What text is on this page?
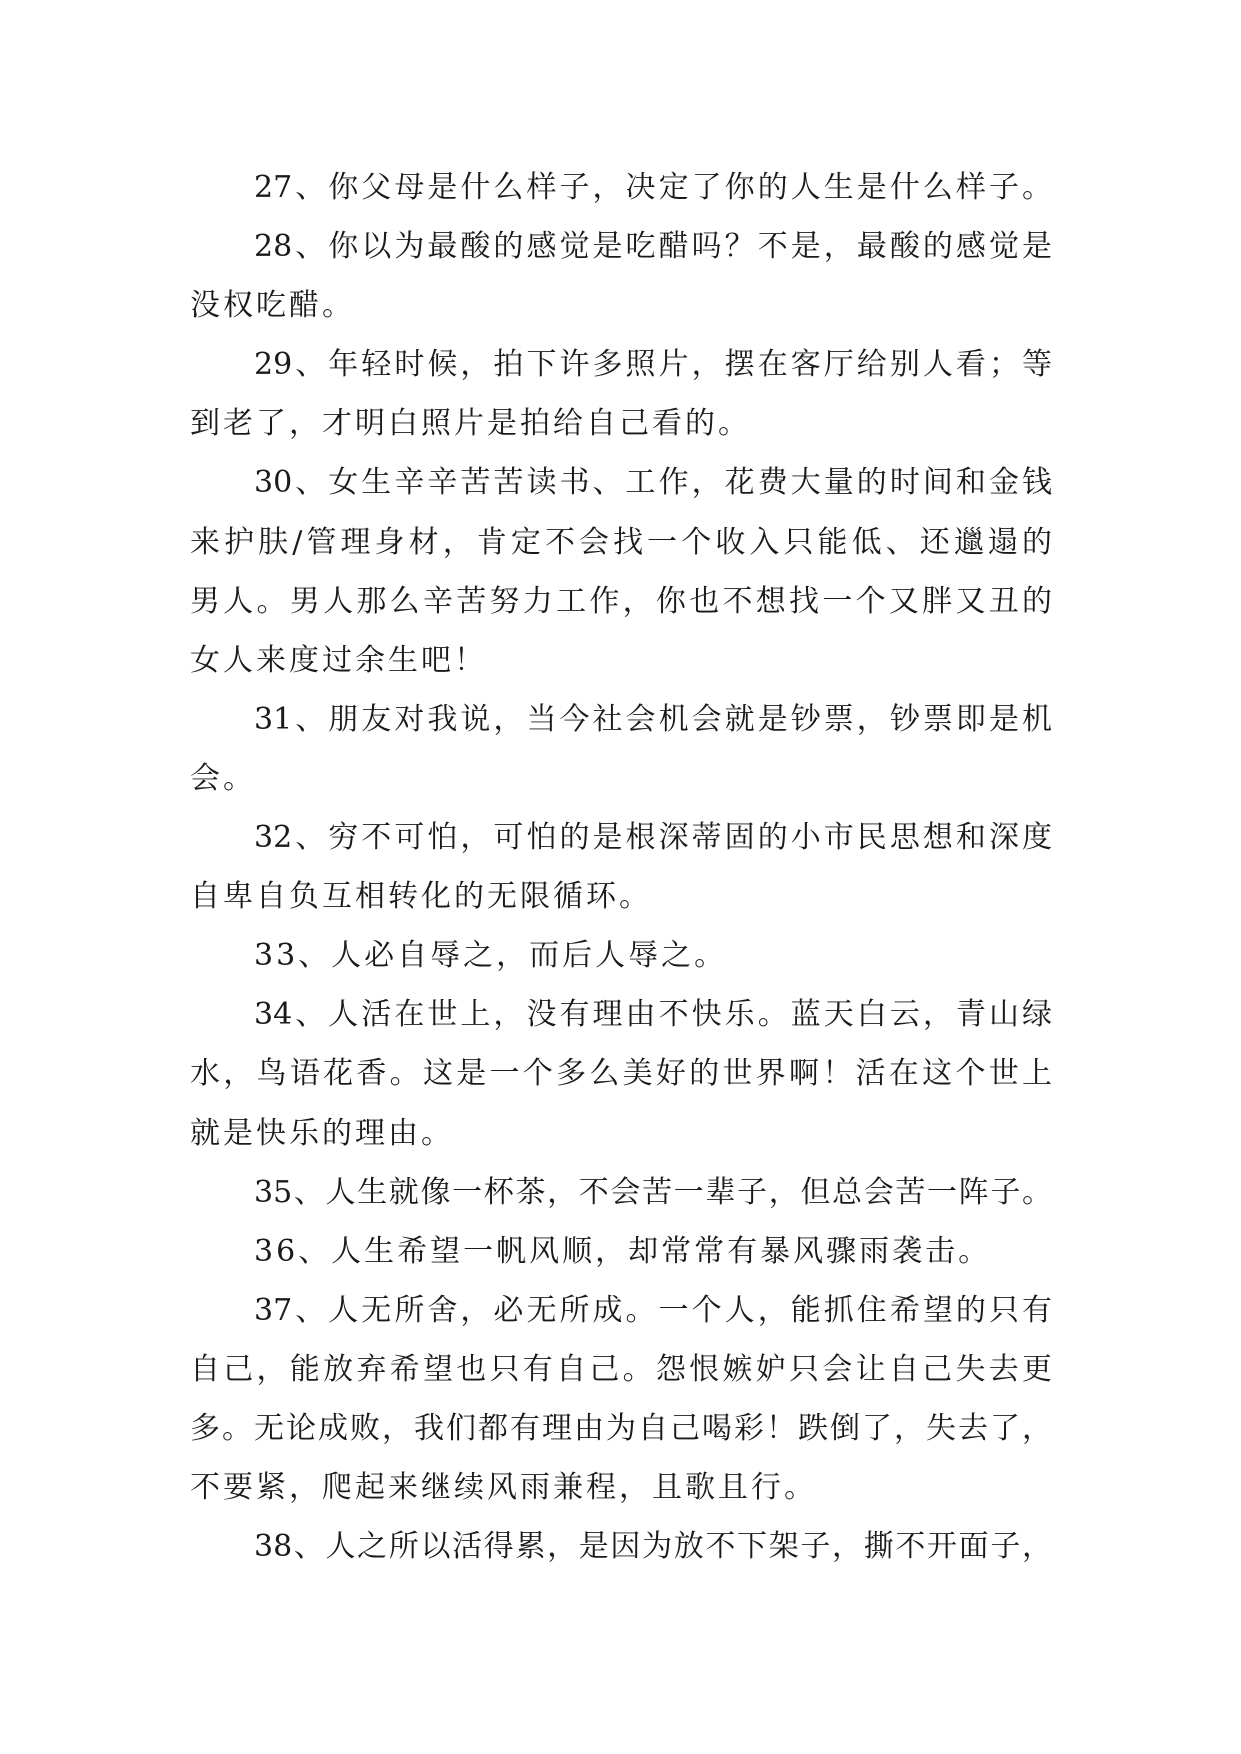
27、你父母是什么样子，决定了你的人生是什么样子。
28、你以为最酸的感觉是吃醋吗？不是，最酸的感觉是
没权吃醋。
29、年轻时候，拍下许多照片，摆在客厅给别人看；等
到老了，才明白照片是拍给自己看的。
30、女生辛辛苦苦读书、工作，花费大量的时间和金钱
来护肤/管理身材，肯定不会找一个收入只能低、还邋遢的
男人。男人那么辛苦努力工作，你也不想找一个又胖又丑的
女人来度过余生吧！
31、朋友对我说，当今社会机会就是钞票，钞票即是机
会。
32、穷不可怕，可怕的是根深蒂固的小市民思想和深度
自卑自负互相转化的无限循环。
33、人必自辱之，而后人辱之。
34、人活在世上，没有理由不快乐。蓝天白云，青山绿
水，鸟语花香。这是一个多么美好的世界啊！活在这个世上
就是快乐的理由。
35、人生就像一杯茶，不会苦一辈子，但总会苦一阵子。
36、人生希望一帆风顺，却常常有暴风骤雨袭击。
37、人无所舍，必无所成。一个人，能抓住希望的只有
自己，能放弃希望也只有自己。怨恨嫉妒只会让自己失去更
多。无论成败，我们都有理由为自己喝彩！跌倒了，失去了，
不要紧，爬起来继续风雨兼程，且歌且行。
38、人之所以活得累，是因为放不下架子，撕不开面子，
